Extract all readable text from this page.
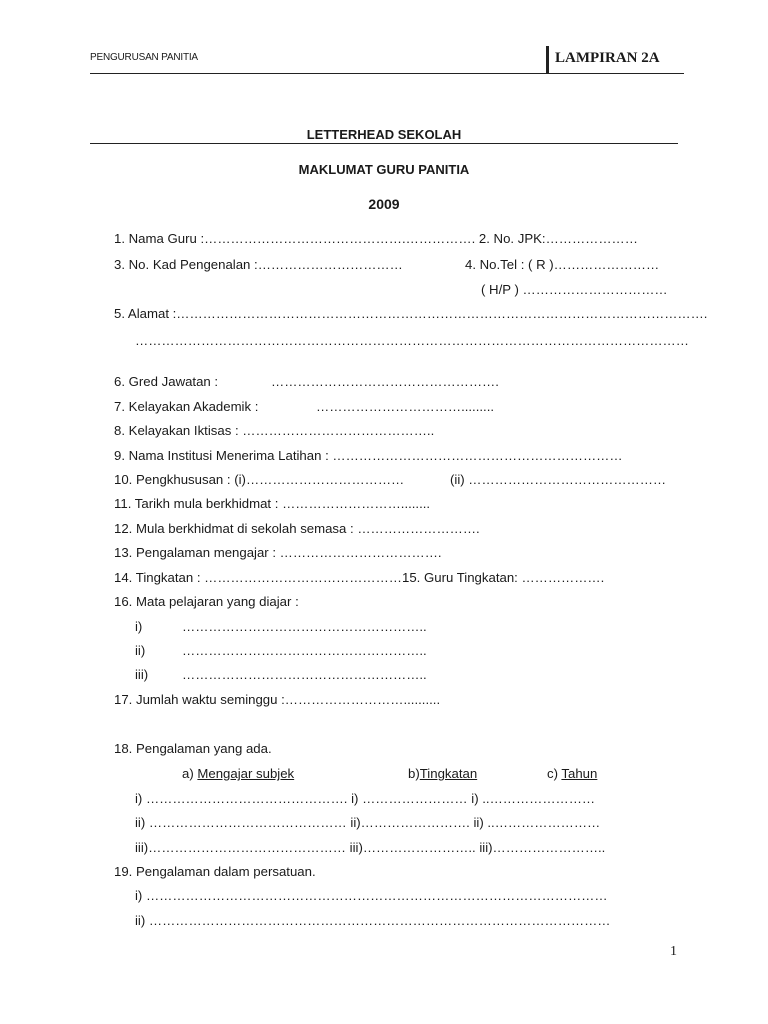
PENGURUSAN PANITIA	LAMPIRAN 2A
LETTERHEAD SEKOLAH
MAKLUMAT GURU PANITIA
2009
1. Nama Guru :……………………………………….……………. 2. No. JPK:…………………
3. No. Kad Pengenalan :……………………………	4. No.Tel : ( R )……………………
( H/P ) ……………………………
5. Alamat :………………………………………………………………………………………………………….
………………………………………………………………………………………………………………
6. Gred Jawatan :	…………………………………………….
7. Kelayakan Akademik :	…………………………….........
8. Kelayakan Iktisas : ……………………………………..
9. Nama Institusi Menerima Latihan : …………………………………………………………
10. Pengkhususan : (i)………………………………	(ii) ………………………………………
11. Tarikh mula berkhidmat : ………………………........
12. Mula berkhidmat di sekolah semasa : ……………………….
13. Pengalaman mengajar : ……………………………….
14. Tingkatan : ………………………………………15. Guru Tingkatan: ……………….
16. Mata pelajaran yang diajar :
i)	………………………………………………..
ii)	………………………………………………..
iii)	………………………………………………..
17. Jumlah waktu seminggu :………………………..........
18. Pengalaman yang ada.
a) Mengajar subjek	b)Tingkatan	c) Tahun
i) ………………………………………. i) …………………… i) ..……………………
ii) ……………………………………… ii)……………………. ii) ..……………………
iii)……………………………………… iii)…………………….. iii)……………………..
19. Pengalaman dalam persatuan.
i) ……………………………………………………………………………………………
ii) ……………………………………………………………………………………………
1
